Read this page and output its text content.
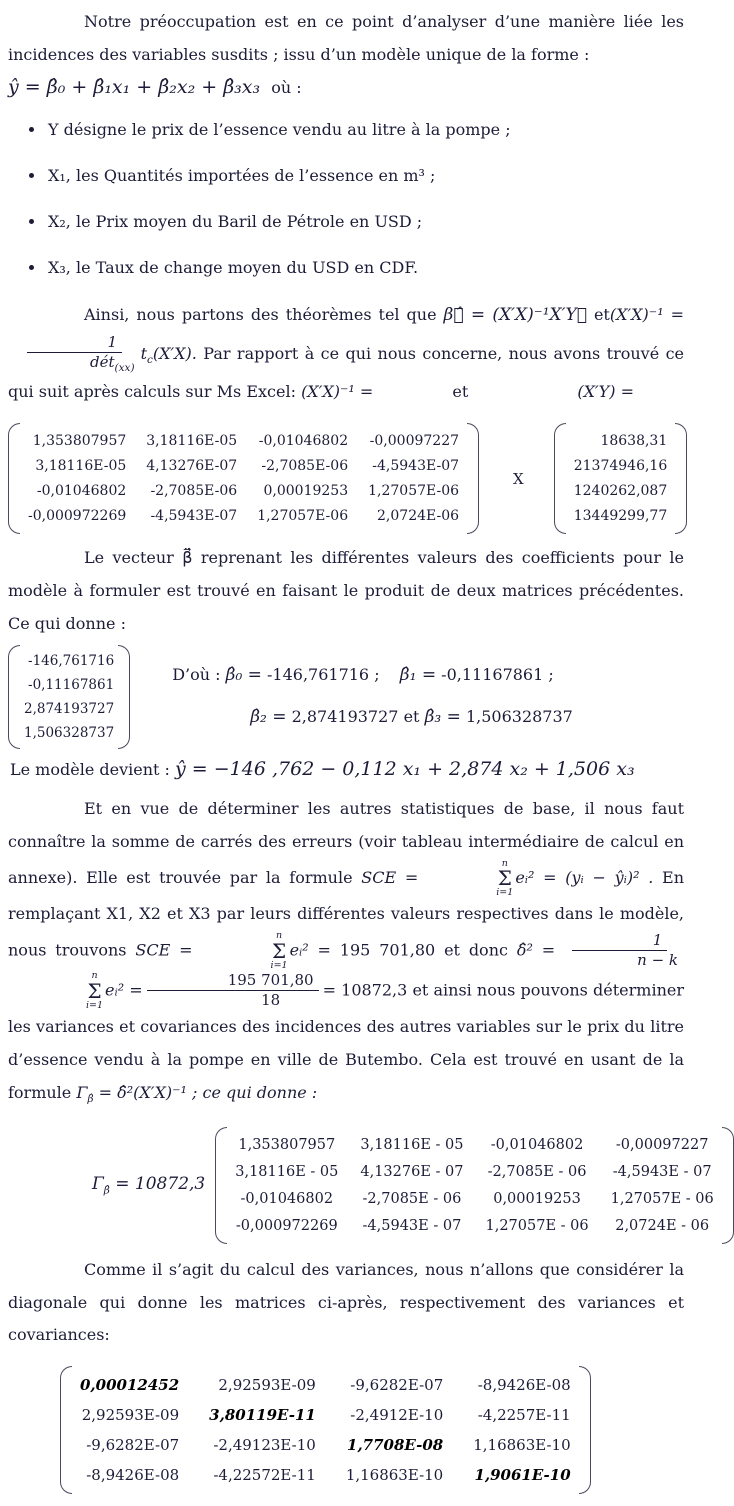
Notre préoccupation est en ce point d’analyser d’une manière liée les incidences des variables susdits ; issu d’un modèle unique de la forme :

ŷ = β̂₀ + β̂₁x₁ + β̂₂x₂ + β̂₃x₃ où :
• Y désigne le prix de l’essence vendu au litre à la pompe ;
• X₁, les Quantités importées de l’essence en m³ ;
• X₂, le Prix moyen du Baril de Pétrole en USD ;
• X₃, le Taux de change moyen du USD en CDF.

Ainsi, nous partons des théorèmes tel que β⃗̂ = (X′X)⁻¹X′Y⃗ et(X′X)⁻¹ =
$\frac{1}{dét_{(xx)}} t_c(X'X)$. Par rapport à ce qui nous concerne, nous avons trouvé ce qui suit après calculs sur Ms Excel: (X′X)⁻¹ =	et	(X′Y) =

1,353807957 3,18116E-05 -0,01046802 -0,00097227
3,18116E-05 4,13276E-07 -2,7085E-06 -4,5943E-07
-0,01046802 -2,7085E-06	0,00019253 1,27057E-06
-0,000972269 -4,5943E-07 1,27057E-06	2,0724E-06
X
18638,31
21374946,16
1240262,087
13449299,77

Le vecteur β⃗̈ reprenant les différentes valeurs des coefficients pour le modèle à formuler est trouvé en faisant le produit de deux matrices précédentes. Ce qui donne :

-146,761716
-0,11167861
2,874193727
1,506328737
D’où : β̂₀ = -146,761716 ; β̂₁ = -0,11167861 ;
β̂₂ = 2,874193727 et β̂₃ = 1,506328737
Le modèle devient : ŷ = −146 ,762 − 0,112 x₁ + 2,874 x₂ + 1,506 x₃

Et en vue de déterminer les autres statistiques de base, il nous faut connaître la somme de carrés des erreurs (voir tableau intermédiaire de calcul en annexe). Elle est trouvée par la formule SCE =
n
Σ
i=1
eᵢ² = (yᵢ − ŷᵢ)² . En remplaçant X1, X2 et X3 par leurs différentes valeurs respectives dans le modèle, nous trouvons SCE =
n
Σ
i=1
eᵢ² = 195 701,80 et donc δ̂² = $\frac{1}{n - k}$
n
Σ
i=1
eᵢ² = $\frac{195 701,80}{18} = 10872,3$ et ainsi nous pouvons déterminer les variances et covariances des incidences des autres variables sur le prix du litre d’essence vendu à la pompe en ville de Butembo. Cela est trouvé en usant de la formule $\Gamma_{\betâ}$ = δ̂²(X′X)⁻¹ ; ce qui donne :

$\Gamma_{\betâ} = 10872,3$
1,353807957 3,18116E - 05	-0,01046802	-0,00097227
3,18116E - 05 4,13276E - 07 -2,7085E - 06 -4,5943E - 07
-0,01046802	-2,7085E - 06	0,00019253	1,27057E - 06
-0,000972269 -4,5943E - 07 1,27057E - 06	2,0724E - 06

Comme il s’agit du calcul des variances, nous n’allons que considérer la diagonale qui donne les matrices ci-après, respectivement des variances et covariances:

0,00012452	2,92593E-09 -9,6282E-07 -8,9426E-08
2,92593E-09 3,80119E-11 -2,4912E-10 -4,2257E-11
-9,6282E-07 -2,49123E-10 1,7708E-08 1,16863E-10
-8,9426E-08 -4,22572E-11 1,16863E-10 1,9061E-10
